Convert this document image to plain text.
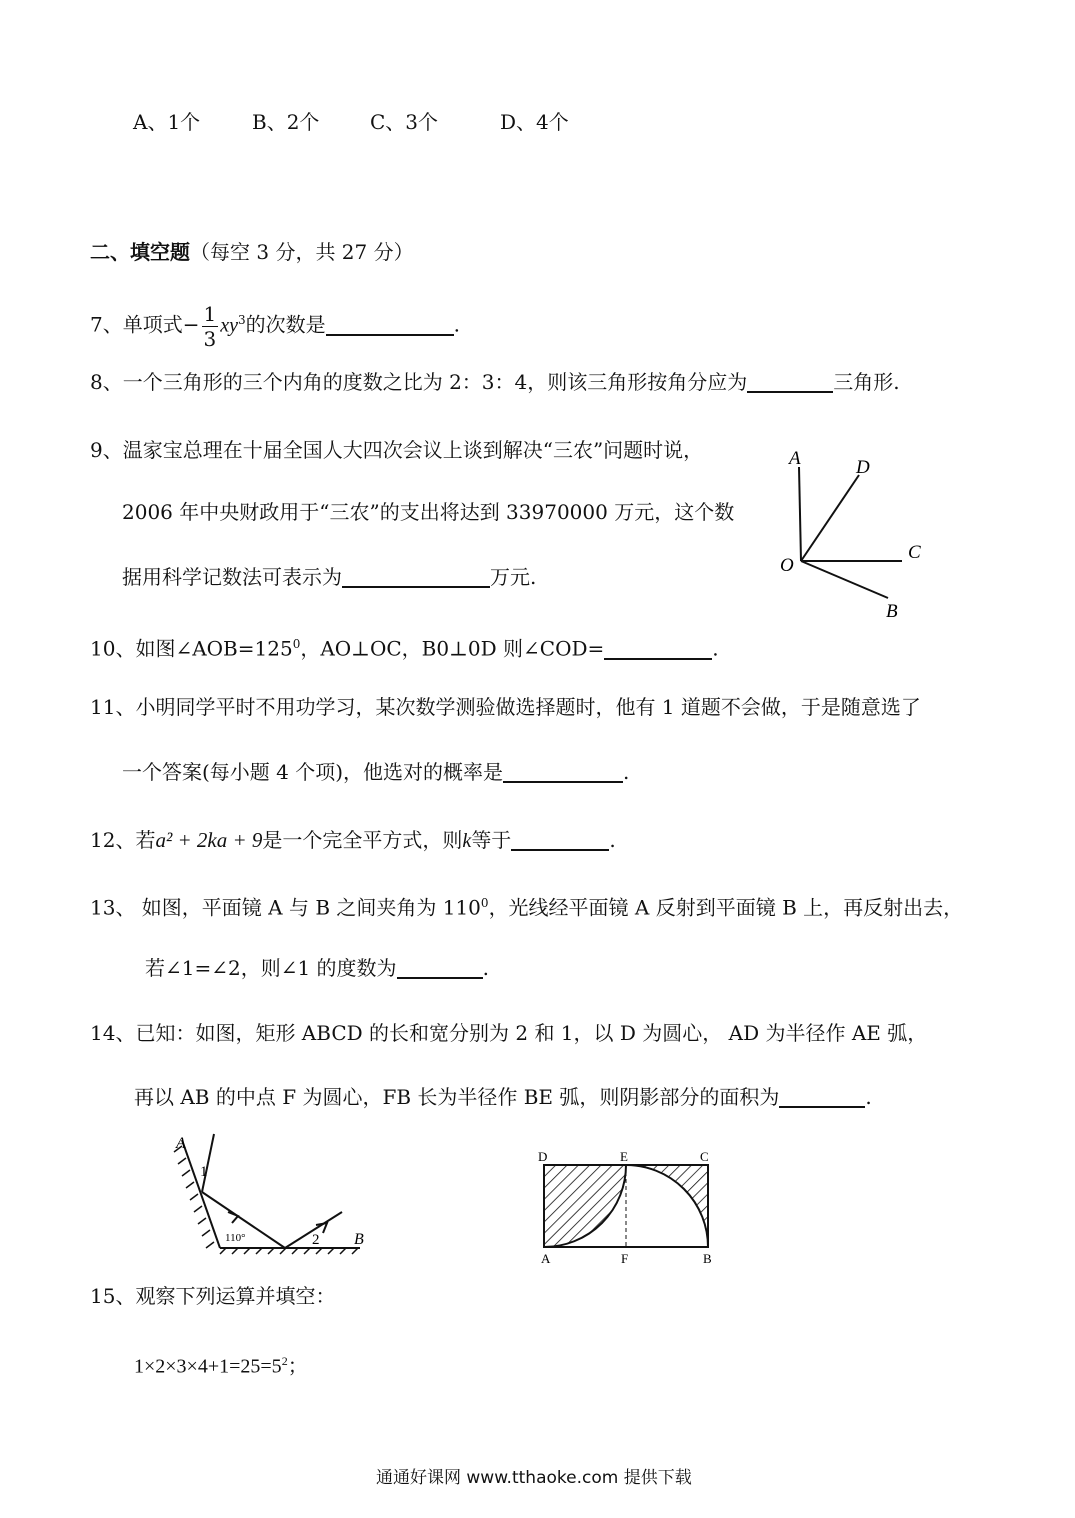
A、1个	B、2个	C、3个	D、4个
二、填空题（每空 3 分，共 27 分）
7、单项式− $\frac{1}{3} xy^3$的次数是	.
8、一个三角形的三个内角的度数之比为 2：3：4，则该三角形按角分应为	三角形.
9、温家宝总理在十届全国人大四次会议上谈到解决“三农”问题时说，
2006 年中央财政用于“三农”的支出将达到 33970000 万元，这个数
据用科学记数法可表示为	万元.
A	D
C
O
B
10、如图$\angle AOB=125^0$，AO⊥OC，B0⊥0D 则∠COD=	.
11、小明同学平时不用功学习，某次数学测验做选择题时，他有 1 道题不会做，于是随意选了
一个答案(每小题 4 个项)，他选对的概率是	.
12、若a² + 2ka + 9是一个完全平方式，则k等于	.
13、 如图，平面镜 A 与 B 之间夹角为 $110^0$，光线经平面镜 A 反射到平面镜 B 上，再反射出去，
若∠1=∠2，则∠1 的度数为	.
14、已知：如图，矩形 ABCD 的长和宽分别为 2 和 1，以 D 为圆心， AD 为半径作 AE 弧，
再以 AB 的中点 F 为圆心，FB 长为半径作 BE 弧，则阴影部分的面积为	.
A
1
110°	2 B
D	E	C
A	F	B
15、观察下列运算并填空：
$1\times 2\times 3\times 4+1=25=5^2$；
通通好课网 www.tthaoke.com 提供下载
